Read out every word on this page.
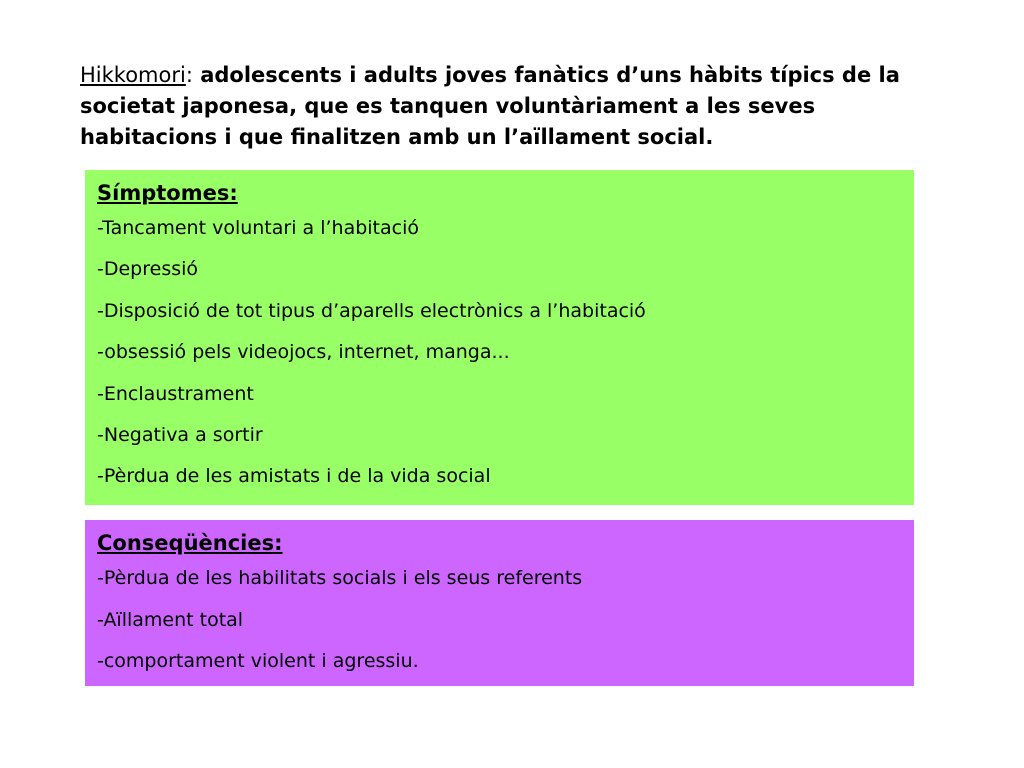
Hikkomori: adolescents i adults joves fanàtics d’uns hàbits típics de la societat japonesa, que es tanquen voluntàriament a les seves habitacions i que finalitzen amb un l’aïllament social.
Símptomes:
-Tancament voluntari a l’habitació
-Depressió
-Disposició de tot tipus d’aparells electrònics a l’habitació
-obsessió pels videojocs, internet, manga...
-Enclaustrament
-Negativa a sortir
-Pèrdua de les amistats i de la vida social
Conseqüències:
-Pèrdua de les habilitats socials i els seus referents
-Aïllament total
-comportament violent i agressiu.
